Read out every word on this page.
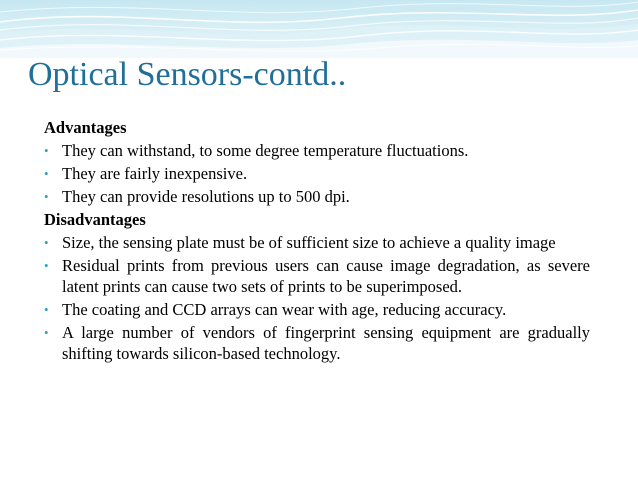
Optical Sensors-contd..
Advantages
• They can withstand, to some degree temperature fluctuations.
• They are fairly inexpensive.
• They can provide resolutions up to 500 dpi.
Disadvantages
• Size, the sensing plate must be of sufficient size to achieve a quality image
• Residual prints from previous users can cause image degradation, as severe latent prints can cause two sets of prints to be superimposed.
• The coating and CCD arrays can wear with age, reducing accuracy.
• A large number of vendors of fingerprint sensing equipment are gradually shifting towards silicon-based technology.
